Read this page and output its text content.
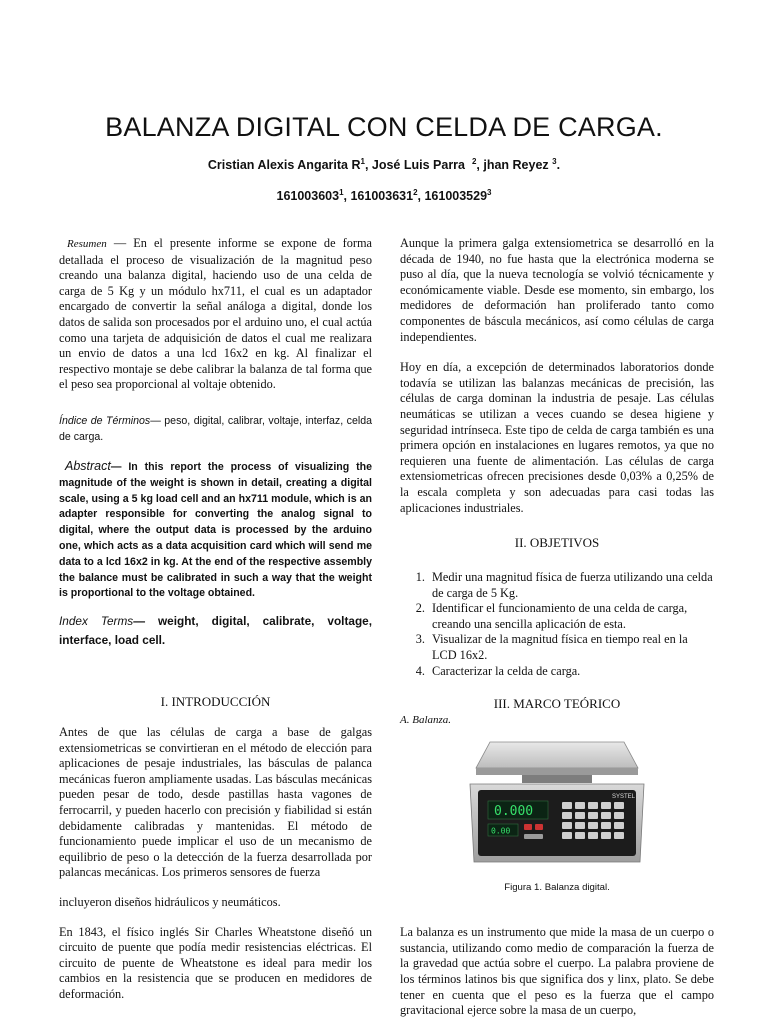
BALANZA DIGITAL CON CELDA DE CARGA.
Cristian Alexis Angarita $R^1$, José Luis Parra $^2$, jhan Reyez $^3$.
161003603$^1$, 161003631$^2$, 161003529$^3$

Resumen — En el presente informe se expone de forma detallada el proceso de visualización de la magnitud peso creando una balanza digital, haciendo uso de una celda de carga de 5 Kg y un módulo hx711, el cual es un adaptador encargado de convertir la señal análoga a digital, donde los datos de salida son procesados por el arduino uno, el cual actúa como una tarjeta de adquisición de datos el cual me realizara un envio de datos a una lcd 16x2 en kg. Al finalizar el respectivo montaje se debe calibrar la balanza de tal forma que el peso sea proporcional al voltaje obtenido.

Índice de Términos— peso, digital, calibrar, voltaje, interfaz, celda de carga.

Abstract— In this report the process of visualizing the magnitude of the weight is shown in detail, creating a digital scale, using a 5 kg load cell and an hx711 module, which is an adapter responsible for converting the analog signal to digital, where the output data is processed by the arduino one, which acts as a data acquisition card which will send me data to a lcd 16x2 in kg. At the end of the respective assembly the balance must be calibrated in such a way that the weight is proportional to the voltage obtained.

Index Terms— weight, digital, calibrate, voltage, interface, load cell.

I. INTRODUCCIÓN

Antes de que las células de carga a base de galgas extensiometricas se convirtieran en el método de elección para aplicaciones de pesaje industriales, las básculas de palanca mecánicas fueron ampliamente usadas. Las básculas mecánicas pueden pesar de todo, desde pastillas hasta vagones de ferrocarril, y pueden hacerlo con precisión y fiabilidad si están debidamente calibradas y mantenidas. El método de funcionamiento puede implicar el uso de un mecanismo de equilibrio de peso o la detección de la fuerza desarrollada por palancas mecánicas. Los primeros sensores de fuerza

incluyeron diseños hidráulicos y neumáticos.

En 1843, el físico inglés Sir Charles Wheatstone diseñó un circuito de puente que podía medir resistencias eléctricas. El circuito de puente de Wheatstone es ideal para medir los cambios en la resistencia que se producen en medidores de deformación.

Aunque la primera galga extensiometrica se desarrolló en la década de 1940, no fue hasta que la electrónica moderna se puso al día, que la nueva tecnología se volvió técnicamente y económicamente viable. Desde ese momento, sin embargo, los medidores de deformación han proliferado tanto como componentes de báscula mecánicos, así como células de carga independientes.

Hoy en día, a excepción de determinados laboratorios donde todavía se utilizan las balanzas mecánicas de precisión, las células de carga dominan la industria de pesaje. Las células neumáticas se utilizan a veces cuando se desea higiene y seguridad intrínseca. Este tipo de celda de carga también es una primera opción en instalaciones en lugares remotos, ya que no requieren una fuente de alimentación. Las células de carga extensiometricas ofrecen precisiones desde 0,03% a 0,25% de la escala completa y son adecuadas para casi todas las aplicaciones industriales.

II. OBJETIVOS

1. Medir una magnitud física de fuerza utilizando una celda de carga de 5 Kg.
2. Identificar el funcionamiento de una celda de carga, creando una sencilla aplicación de esta.
3. Visualizar de la magnitud física en tiempo real en la LCD 16x2.
4. Caracterizar la celda de carga.

III. MARCO TEÓRICO

A. Balanza.

SYSTEL
0.000
0.00

Figura 1. Balanza digital.

La balanza es un instrumento que mide la masa de un cuerpo o sustancia, utilizando como medio de comparación la fuerza de la gravedad que actúa sobre el cuerpo. La palabra proviene de los términos latinos bis que significa dos y linx, plato. Se debe tener en cuenta que el peso es la fuerza que el campo gravitacional ejerce sobre la masa de un cuerpo,
